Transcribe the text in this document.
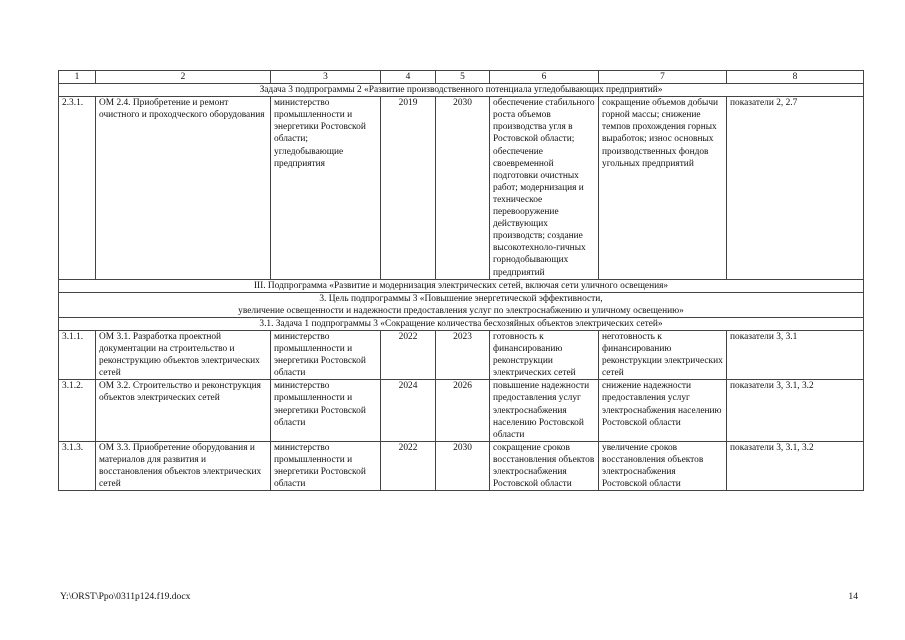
1	2	3	4	5	6	7	8
Задача 3 подпрограммы 2 «Развитие производственного потенциала угледобывающих предприятий»							
2.3.1.	ОМ 2.4. Приобретение и ремонт очистного и проходческого оборудования	министерство промышленности и энергетики Ростовской области; угледобывающие предприятия	2019	2030	обеспечение стабильного роста объемов производства угля в Ростовской области; обеспечение своевременной подготовки очистных работ; модернизация и техническое перевооружение действующих производств; создание высокотехноло-гичных горнодобывающих предприятий	сокращение объемов добычи горной массы; снижение темпов прохождения горных выработок; износ основных производственных фондов угольных предприятий	показатели 2, 2.7
III. Подпрограмма «Развитие и модернизация электрических сетей, включая сети уличного освещения»							

3. Цель подпрограммы 3 «Повышение энергетической эффективности,
увеличение освещенности и надежности предоставления услуг по электроснабжению и уличному освещению»							

3.1. Задача 1 подпрограммы 3 «Сокращение количества бесхозяйных объектов электрических сетей»							
3.1.1.	ОМ 3.1. Разработка проектной документации на строительство и реконструкцию объектов электрических сетей	министерство промышленности и энергетики Ростовской области	2022	2023	готовность к финансированию реконструкции электрических сетей	неготовность к финансированию реконструкции электрических сетей	показатели 3, 3.1
3.1.2.	ОМ 3.2. Строительство и реконструкция объектов электрических сетей	министерство промышленности и энергетики Ростовской области	2024	2026	повышение надежности предоставления услуг электроснабжения населению Ростовской области	снижение надежности предоставления услуг электроснабжения населению Ростовской области	показатели 3, 3.1, 3.2
3.1.3.	ОМ 3.3. Приобретение оборудования и материалов для развития и восстановления объектов электрических сетей	министерство промышленности и энергетики Ростовской области	2022	2030	сокращение сроков восстановления объектов электроснабжения Ростовской области	увеличение сроков восстановления объектов электроснабжения Ростовской области	показатели 3, 3.1, 3.2
Y:\ORST\Ppo\0311p124.f19.docx	14
